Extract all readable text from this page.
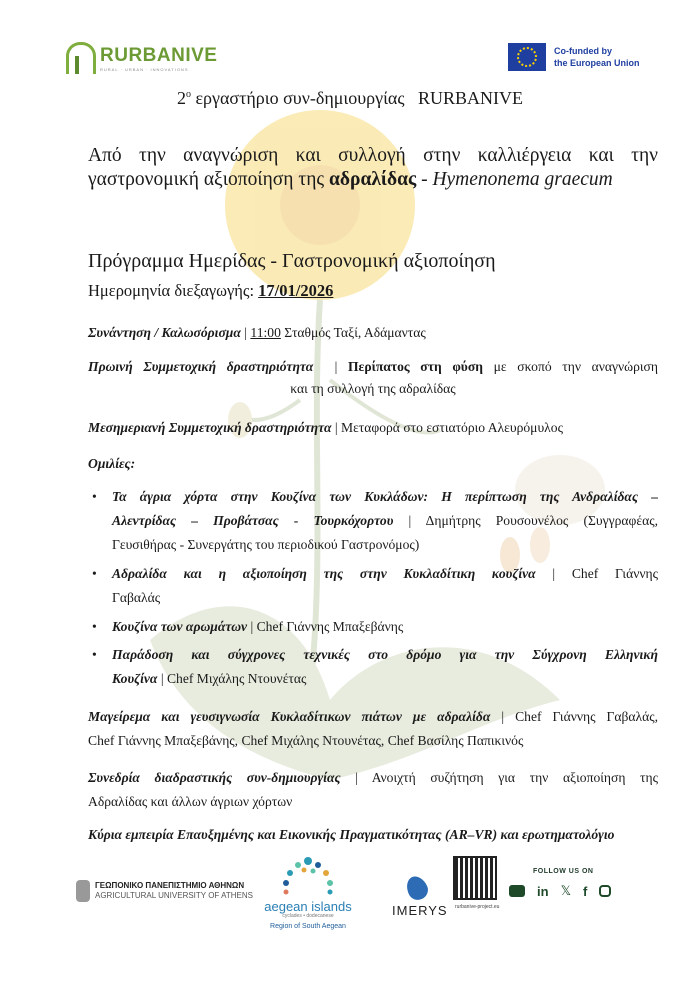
RURBANIVE
RURAL · URBAN · INNOVATIONS
Co-funded by
the European Union
$2^o$ εργαστήριο συν-δημιουργίας   RURBANIVE
Από την αναγνώριση και συλλογή στην καλλιέργεια και την γαστρονομική αξιοποίηση της αδραλίδας - Hymenonema graecum
Πρόγραμμα Ημερίδας - Γαστρονομική αξιοποίηση
Ημερομηνία διεξαγωγής: 17/01/2026
Συνάντηση / Καλωσόρισμα | 11:00 Σταθμός Ταξί, Αδάμαντας
Πρωινή Συμμετοχική δραστηριότητα  | Περίπατος στη φύση με σκοπό την αναγνώριση
και τη συλλογή της αδραλίδας
Μεσημεριανή Συμμετοχική δραστηριότητα | Μεταφορά στο εστιατόριο Αλευρόμυλος
Ομιλίες:
• Τα άγρια χόρτα στην Κουζίνα των Κυκλάδων: Η περίπτωση της Ανδραλίδας –
Αλεντρίδας – Προβάτσας - Τουρκόχορτου | Δημήτρης Ρουσουνέλος (Συγγραφέας,
Γευσιθήρας - Συνεργάτης του περιοδικού Γαστρονόμος)
• Αδραλίδα και η αξιοποίηση της στην Κυκλαδίτικη κουζίνα | Chef Γιάννης
Γαβαλάς
• Κουζίνα των αρωμάτων | Chef Γιάννης Μπαξεβάνης
• Παράδοση και σύγχρονες τεχνικές στο δρόμο για την Σύγχρονη Ελληνική
Κουζίνα | Chef Μιχάλης Ντουνέτας
Μαγείρεμα και γευσιγνωσία Κυκλαδίτικων πιάτων με αδραλίδα | Chef Γιάννης Γαβαλάς,
Chef Γιάννης Μπαξεβάνης, Chef Μιχάλης Ντουνέτας, Chef Βασίλης Παπικινός
Συνεδρία διαδραστικής συν-δημιουργίας | Ανοιχτή συζήτηση για την αξιοποίηση της
Αδραλίδας και άλλων άγριων χόρτων
Κύρια εμπειρία Επαυξημένης και Εικονικής Πραγματικότητας (AR–VR) και ερωτηματολόγιο
ΓΕΩΠΟΝΙΚΟ ΠΑΝΕΠΙΣΤΗΜΙΟ ΑΘΗΝΩΝ
AGRICULTURAL UNIVERSITY OF ATHENS
aegean islands
cyclades • dodecanese
Region of South Aegean
IMERYS rurbanive-project.eu
FOLLOW US ON
in 𝕏 f
